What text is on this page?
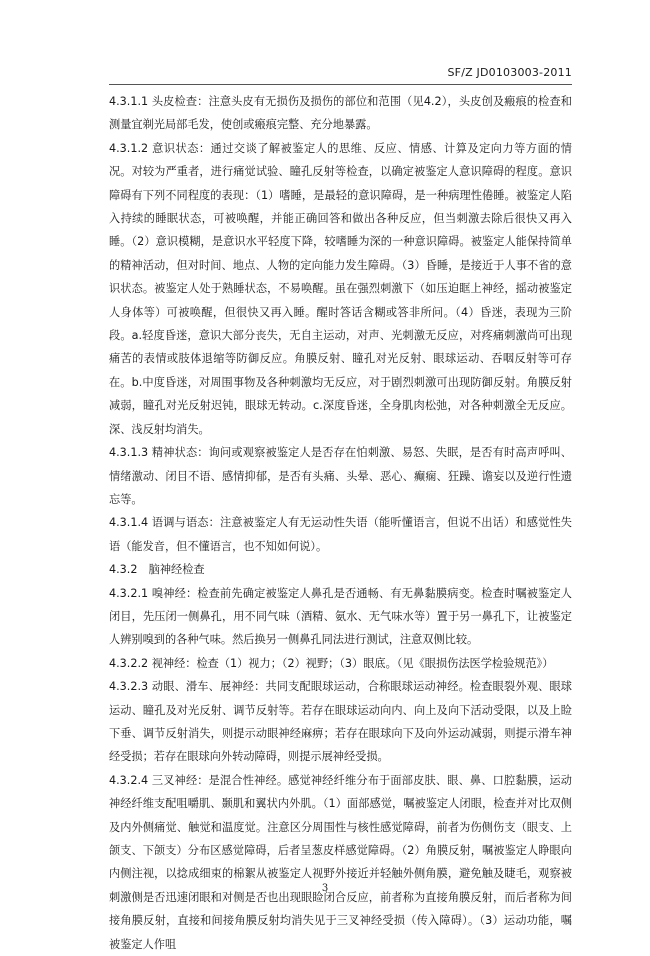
SF/Z JD0103003-2011

4.3.1.1 头皮检查：注意头皮有无损伤及损伤的部位和范围（见4.2），头皮创及瘢痕的检查和测量宜剃光局部毛发，使创或瘢痕完整、充分地暴露。

4.3.1.2 意识状态：通过交谈了解被鉴定人的思维、反应、情感、计算及定向力等方面的情况。对较为严重者，进行痛觉试验、瞳孔反射等检查，以确定被鉴定人意识障碍的程度。意识障碍有下列不同程度的表现：（1）嗜睡，是最轻的意识障碍，是一种病理性倦睡。被鉴定人陷入持续的睡眠状态，可被唤醒，并能正确回答和做出各种反应，但当刺激去除后很快又再入睡。（2）意识模糊，是意识水平轻度下降，较嗜睡为深的一种意识障碍。被鉴定人能保持简单的精神活动，但对时间、地点、人物的定向能力发生障碍。（3）昏睡，是接近于人事不省的意识状态。被鉴定人处于熟睡状态，不易唤醒。虽在强烈刺激下（如压迫眶上神经，摇动被鉴定人身体等）可被唤醒，但很快又再入睡。醒时答话含糊或答非所问。（4）昏迷，表现为三阶段。a.轻度昏迷，意识大部分丧失，无自主运动，对声、光刺激无反应，对疼痛刺激尚可出现痛苦的表情或肢体退缩等防御反应。角膜反射、瞳孔对光反射、眼球运动、吞咽反射等可存在。b.中度昏迷，对周围事物及各种刺激均无反应，对于剧烈刺激可出现防御反射。角膜反射减弱，瞳孔对光反射迟钝，眼球无转动。c.深度昏迷，全身肌肉松弛，对各种刺激全无反应。深、浅反射均消失。

4.3.1.3 精神状态：询问或观察被鉴定人是否存在怕刺激、易怒、失眠，是否有时高声呼叫、情绪激动、闭目不语、感情抑郁，是否有头痛、头晕、恶心、癫痫、狂躁、谵妄以及逆行性遗忘等。

4.3.1.4 语调与语态：注意被鉴定人有无运动性失语（能听懂语言，但说不出话）和感觉性失语（能发音，但不懂语言，也不知如何说）。

4.3.2　脑神经检查

4.3.2.1 嗅神经：检查前先确定被鉴定人鼻孔是否通畅、有无鼻黏膜病变。检查时嘱被鉴定人闭目，先压闭一侧鼻孔，用不同气味（酒精、氨水、无气味水等）置于另一鼻孔下，让被鉴定人辨别嗅到的各种气味。然后换另一侧鼻孔同法进行测试，注意双侧比较。

4.3.2.2 视神经：检查（1）视力；（2）视野；（3）眼底。（见《眼损伤法医学检验规范》）

4.3.2.3 动眼、滑车、展神经：共同支配眼球运动，合称眼球运动神经。检查眼裂外观、眼球运动、瞳孔及对光反射、调节反射等。若存在眼球运动向内、向上及向下活动受限，以及上睑下垂、调节反射消失，则提示动眼神经麻痹；若存在眼球向下及向外运动减弱，则提示滑车神经受损；若存在眼球向外转动障碍，则提示展神经受损。

4.3.2.4 三叉神经：是混合性神经。感觉神经纤维分布于面部皮肤、眼、鼻、口腔黏膜，运动神经纤维支配咀嚼肌、颞肌和翼状内外肌。（1）面部感觉，嘱被鉴定人闭眼，检查并对比双侧及内外侧痛觉、触觉和温度觉。注意区分周围性与核性感觉障碍，前者为伤侧伤支（眼支、上颌支、下颌支）分布区感觉障碍，后者呈葱皮样感觉障碍。（2）角膜反射，嘱被鉴定人睁眼向内侧注视，以捻成细束的棉絮从被鉴定人视野外接近并轻触外侧角膜，避免触及睫毛，观察被刺激侧是否迅速闭眼和对侧是否也出现眼睑闭合反应，前者称为直接角膜反射，而后者称为间接角膜反射，直接和间接角膜反射均消失见于三叉神经受损（传入障碍）。（3）运动功能，嘱被鉴定人作咀

3
